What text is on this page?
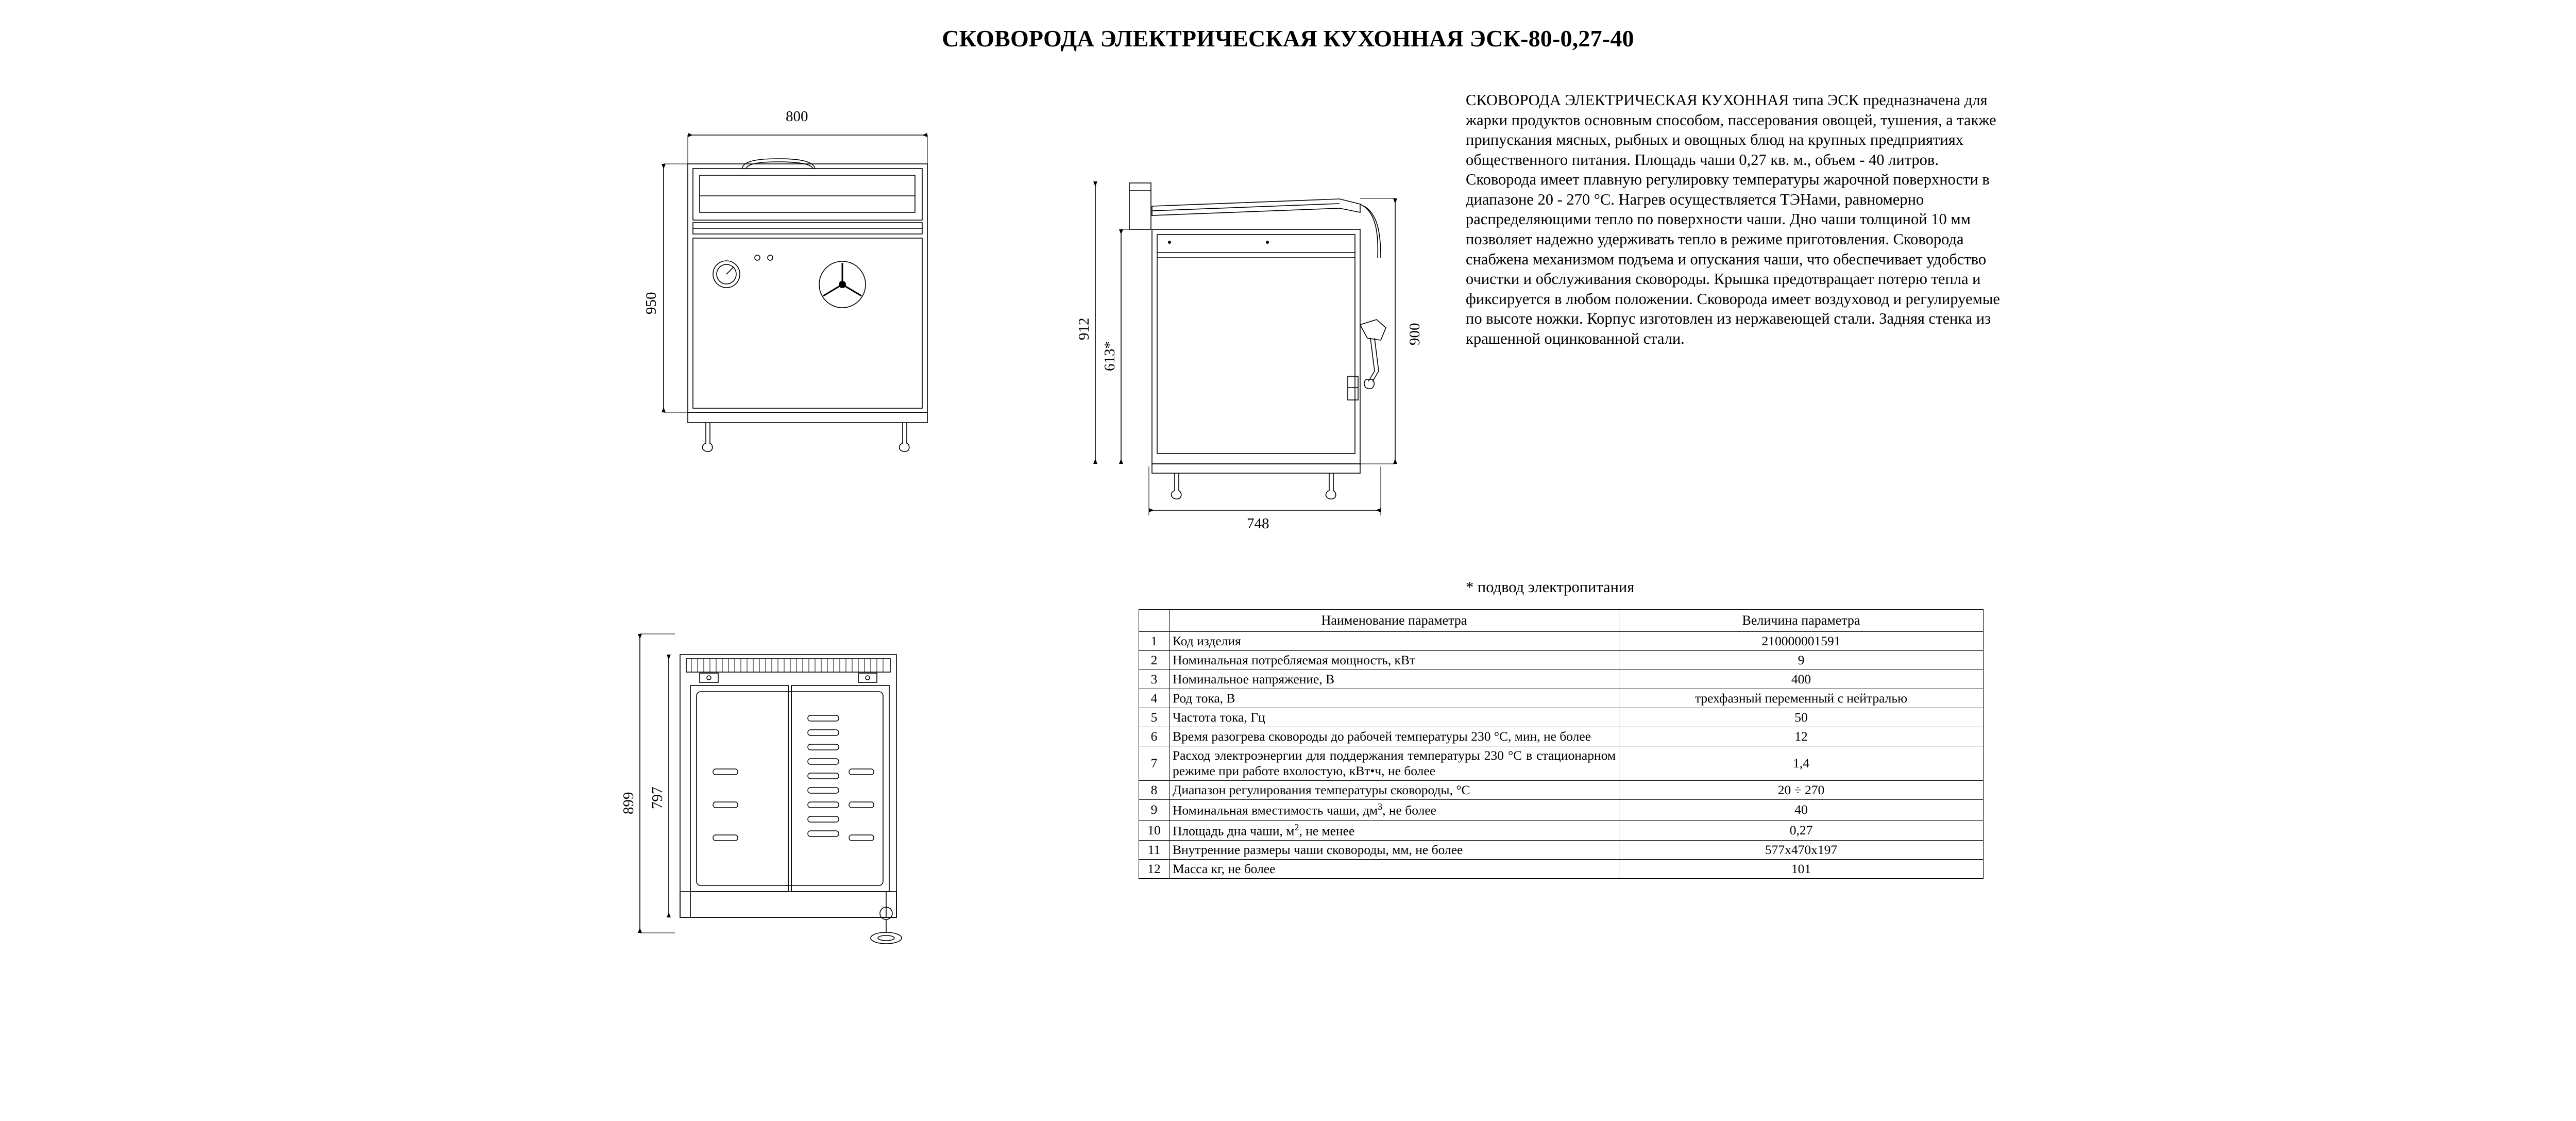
СКОВОРОДА ЭЛЕКТРИЧЕСКАЯ КУХОННАЯ ЭСК-80-0,27-40
СКОВОРОДА ЭЛЕКТРИЧЕСКАЯ КУХОННАЯ типа ЭСК предназначена для жарки продуктов основным способом, пассерования овощей, тушения, а также припускания мясных, рыбных и овощных блюд на крупных предприятиях общественного питания. Площадь чаши 0,27 кв. м., объем - 40 литров. Сковорода имеет плавную регулировку температуры жарочной поверхности в диапазоне 20 - 270 °C. Нагрев осуществляется ТЭНами, равномерно распределяющими тепло по поверхности чаши. Дно чаши толщиной 10 мм позволяет надежно удерживать тепло в режиме приготовления. Сковорода снабжена механизмом подъема и опускания чаши, что обеспечивает удобство очистки и обслуживания сковороды. Крышка предотвращает потерю тепла и фиксируется в любом положении. Сковорода имеет воздуховод и регулируемые по высоте ножки. Корпус изготовлен из нержавеющей стали. Задняя стенка из крашенной оцинкованной стали.
* подвод электропитания
800
950
912
613*
900
748
899 797
	Наименование параметра	Величина параметра
1	Код изделия	210000001591
2	Номинальная потребляемая мощность, кВт	9
3	Номинальное напряжение, В	400
4	Род тока, В	трехфазный переменный с нейтралью
5	Частота тока, Гц	50
6	Время разогрева сковороды до рабочей температуры 230 °С, мин, не более	12
7	Расход электроэнергии для поддержания температуры 230 °С в стационарном режиме при работе вхолостую, кВт•ч, не более	1,4
8	Диапазон регулирования температуры сковороды, °С	20 ÷ 270
9	Номинальная вместимость чаши, $дм^3$, не более	40
10	Площадь дна чаши, $м^2$, не менее	0,27
11	Внутренние размеры чаши сковороды, мм, не более	577х470х197
12	Масса кг, не более	101
